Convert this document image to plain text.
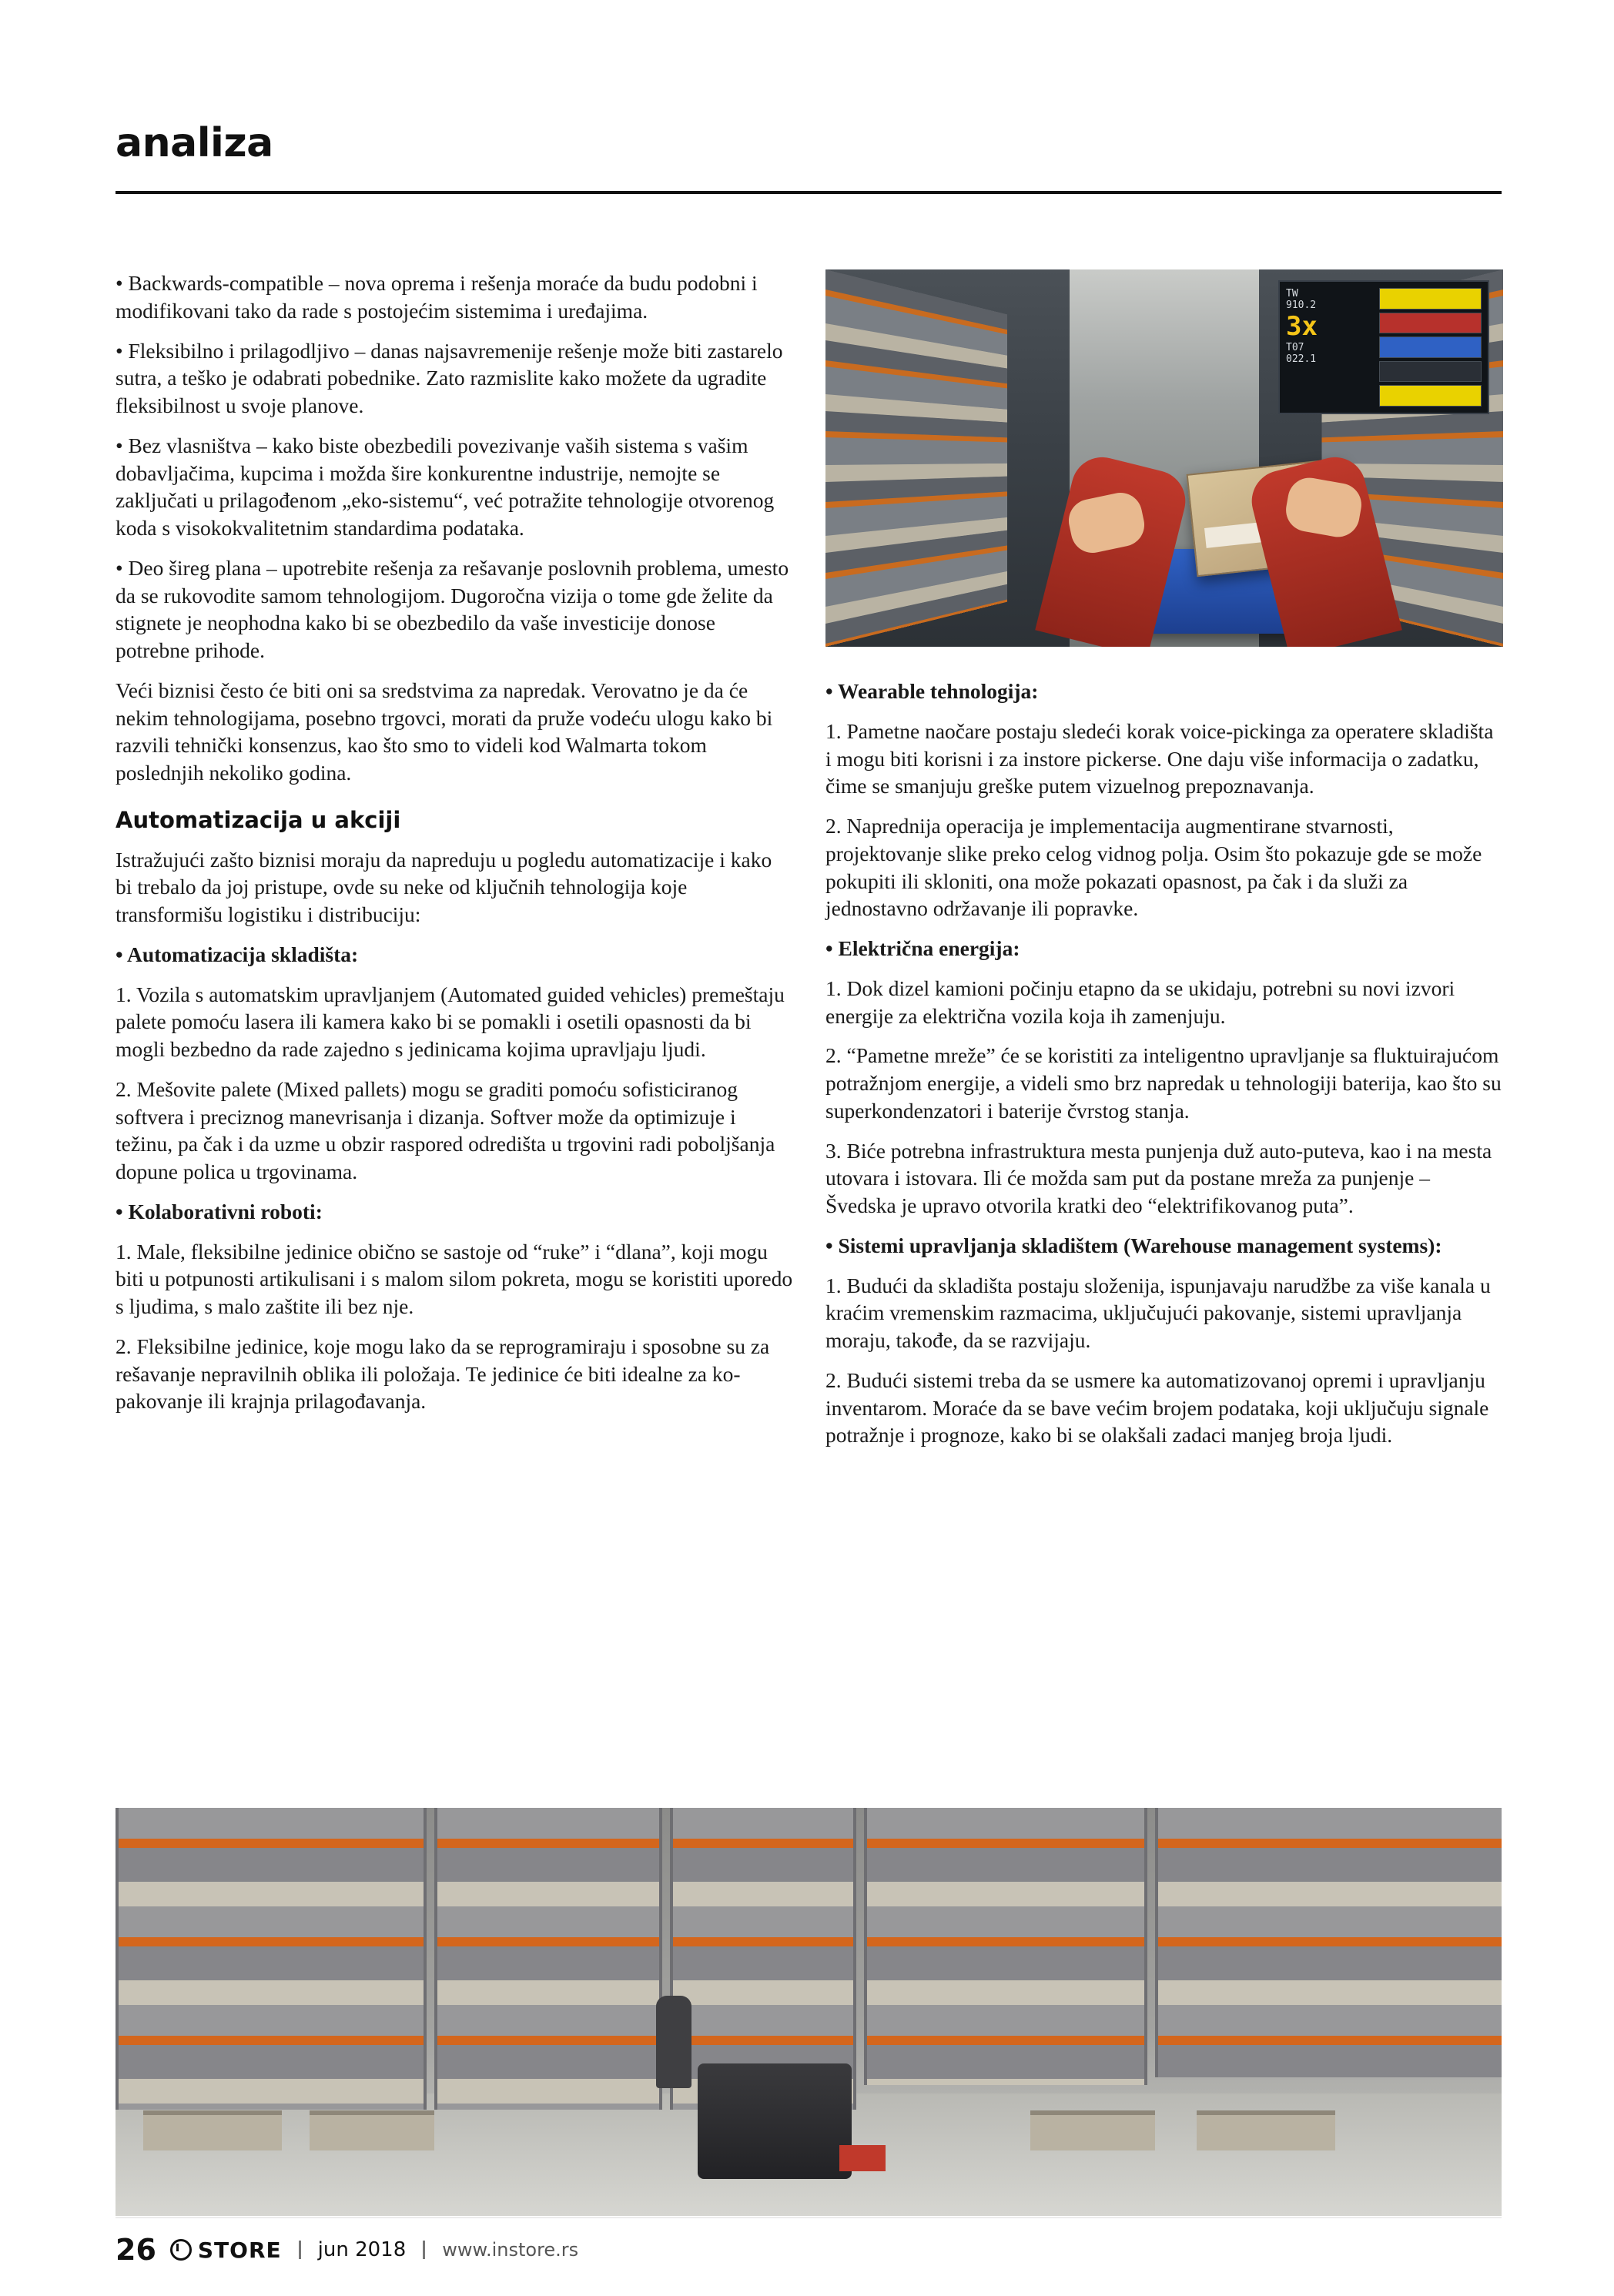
analiza

• Backwards-compatible – nova oprema i rešenja moraće da budu podobni i modifikovani tako da rade s postojećim sistemima i uređajima.

• Fleksibilno i prilagodljivo – danas najsavremenije rešenje može biti zastarelo sutra, a teško je odabrati pobednike. Zato razmislite kako možete da ugradite fleksibilnost u svoje planove.

• Bez vlasništva – kako biste obezbedili povezivanje vaših sistema s vašim dobavljačima, kupcima i možda šire konkurentne industrije, nemojte se zaključati u prilagođenom „eko-sistemu“, već potražite tehnologije otvorenog koda s visokokvalitetnim standardima podataka.

• Deo šireg plana – upotrebite rešenja za rešavanje poslovnih problema, umesto da se rukovodite samom tehnologijom. Dugoročna vizija o tome gde želite da stignete je neophodna kako bi se obezbedilo da vaše investicije donose potrebne prihode.

Veći biznisi često će biti oni sa sredstvima za napredak. Verovatno je da će nekim tehnologijama, posebno trgovci, morati da pruže vodeću ulogu kako bi razvili tehnički konsenzus, kao što smo to videli kod Walmarta tokom poslednjih nekoliko godina.

Automatizacija u akciji

Istražujući zašto biznisi moraju da napreduju u pogledu automatizacije i kako bi trebalo da joj pristupe, ovde su neke od ključnih tehnologija koje transformišu logistiku i distribuciju:

• Automatizacija skladišta:

1. Vozila s automatskim upravljanjem (Automated guided vehicles) premeštaju palete pomoću lasera ili kamera kako bi se pomakli i osetili opasnosti da bi mogli bezbedno da rade zajedno s jedinicama kojima upravljaju ljudi.

2. Mešovite palete (Mixed pallets) mogu se graditi pomoću sofisticiranog softvera i preciznog manevrisanja i dizanja. Softver može da optimizuje i težinu, pa čak i da uzme u obzir raspored odredišta u trgovini radi poboljšanja dopune polica u trgovinama.

• Kolaborativni roboti:

1. Male, fleksibilne jedinice obično se sastoje od “ruke” i “dlana”, koji mogu biti u potpunosti artikulisani i s malom silom pokreta, mogu se koristiti uporedo s ljudima, s malo zaštite ili bez nje.

2. Fleksibilne jedinice, koje mogu lako da se reprogramiraju i sposobne su za rešavanje nepravilnih oblika ili položaja. Te jedinice će biti idealne za ko-pakovanje ili krajnja prilagođavanja.

TW
910.2
3x
T07
022.1

• Wearable tehnologija:

1. Pametne naočare postaju sledeći korak voice-pickinga za operatere skladišta i mogu biti korisni i za instore pickerse. One daju više informacija o zadatku, čime se smanjuju greške putem vizuelnog prepoznavanja.

2. Naprednija operacija je implementacija augmentirane stvarnosti, projektovanje slike preko celog vidnog polja. Osim što pokazuje gde se može pokupiti ili skloniti, ona može pokazati opasnost, pa čak i da služi za jednostavno održavanje ili popravke.

• Električna energija:

1. Dok dizel kamioni počinju etapno da se ukidaju, potrebni su novi izvori energije za električna vozila koja ih zamenjuju.

2. “Pametne mreže” će se koristiti za inteligentno upravljanje sa fluktuirajućom potražnjom energije, a videli smo brz napredak u tehnologiji baterija, kao što su superkondenzatori i baterije čvrstog stanja.

3. Biće potrebna infrastruktura mesta punjenja duž auto-puteva, kao i na mesta utovara i istovara. Ili će možda sam put da postane mreža za punjenje – Švedska je upravo otvorila kratki deo “elektrifikovanog puta”.

• Sistemi upravljanja skladištem (Warehouse management systems):

1. Budući da skladišta postaju složenija, ispunjavaju narudžbe za više kanala u kraćim vremenskim razmacima, uključujući pakovanje, sistemi upravljanja moraju, takođe, da se razvijaju.

2. Budući sistemi treba da se usmere ka automatizovanoj opremi i upravljanju inventarom. Moraće da se bave većim brojem podataka, koji uključuju signale potražnje i prognoze, kako bi se olakšali zadaci manjeg broja ljudi.

26 STORE jun 2018 www.instore.rs
